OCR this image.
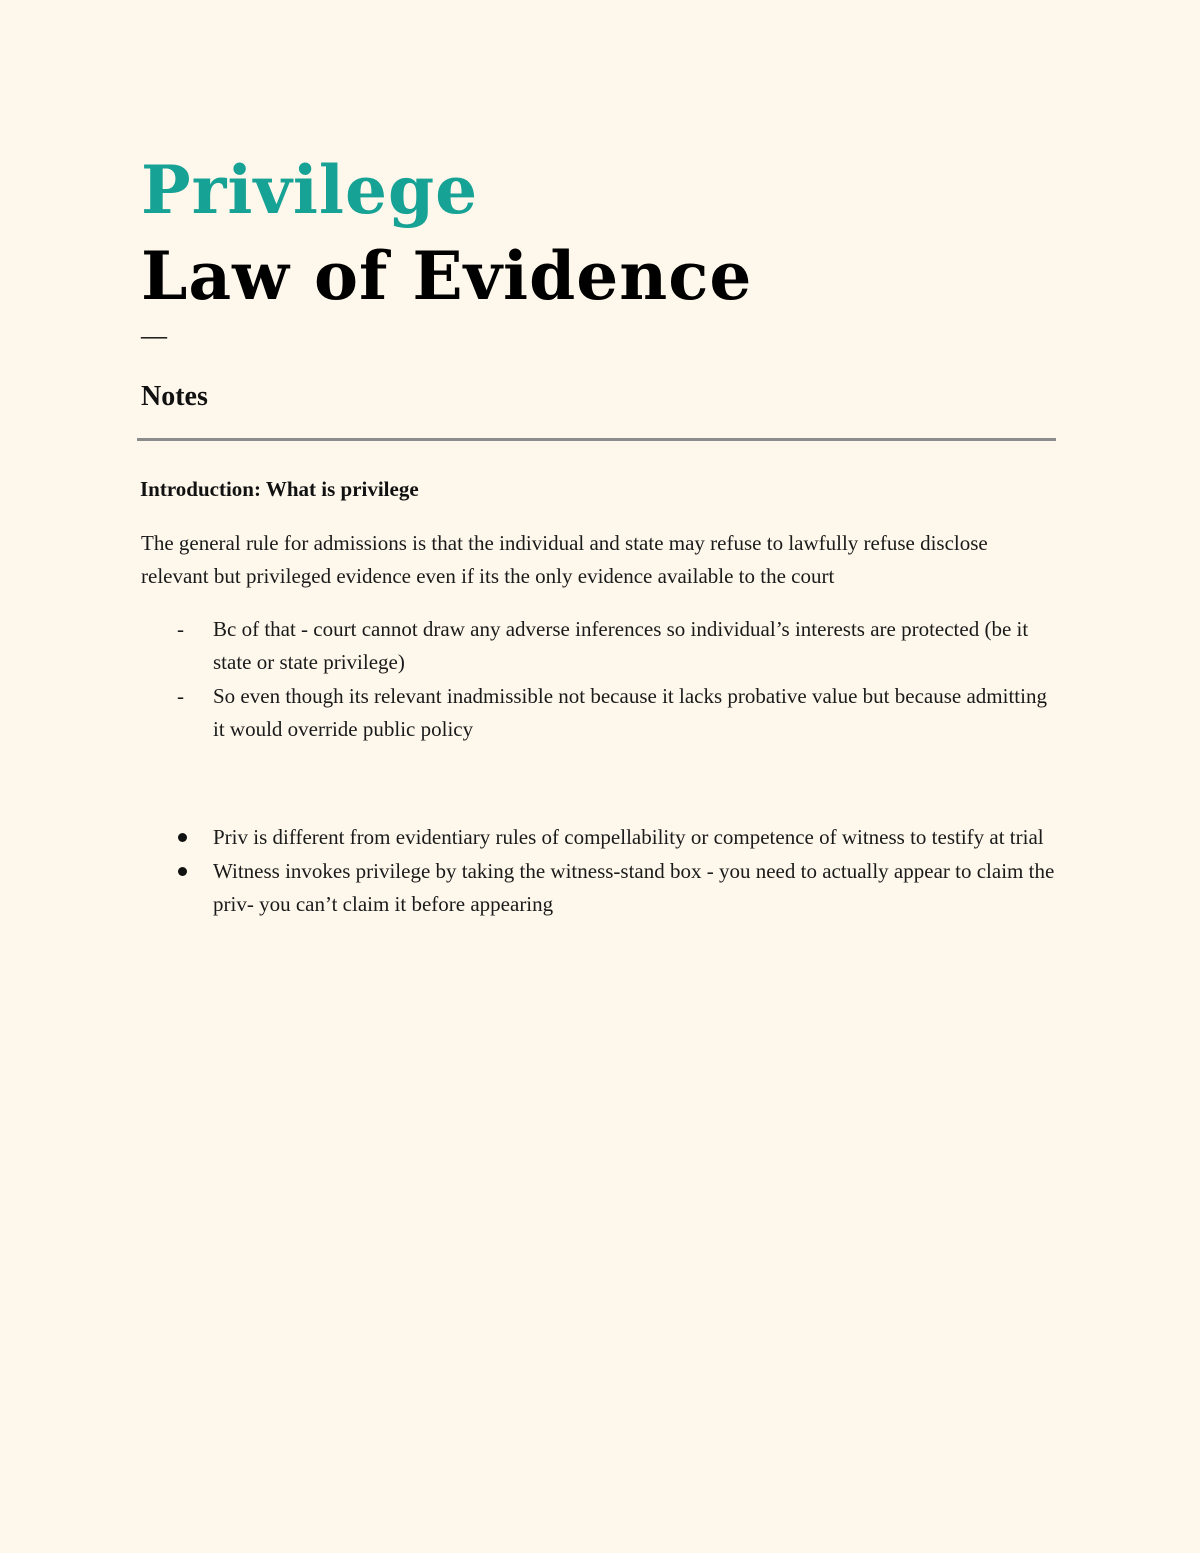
Privilege
Law of Evidence
—
Notes
Introduction: What is privilege

The general rule for admissions is that the individual and state may refuse to lawfully refuse disclose relevant but privileged evidence even if its the only evidence available to the court

- Bc of that - court cannot draw any adverse inferences so individual’s interests are protected (be it state or state privilege)
- So even though its relevant inadmissible not because it lacks probative value but because admitting it would override public policy
Priv is different from evidentiary rules of compellability or competence of witness to testify at trial
Witness invokes privilege by taking the witness-stand box - you need to actually appear to claim the priv- you can’t claim it before appearing
